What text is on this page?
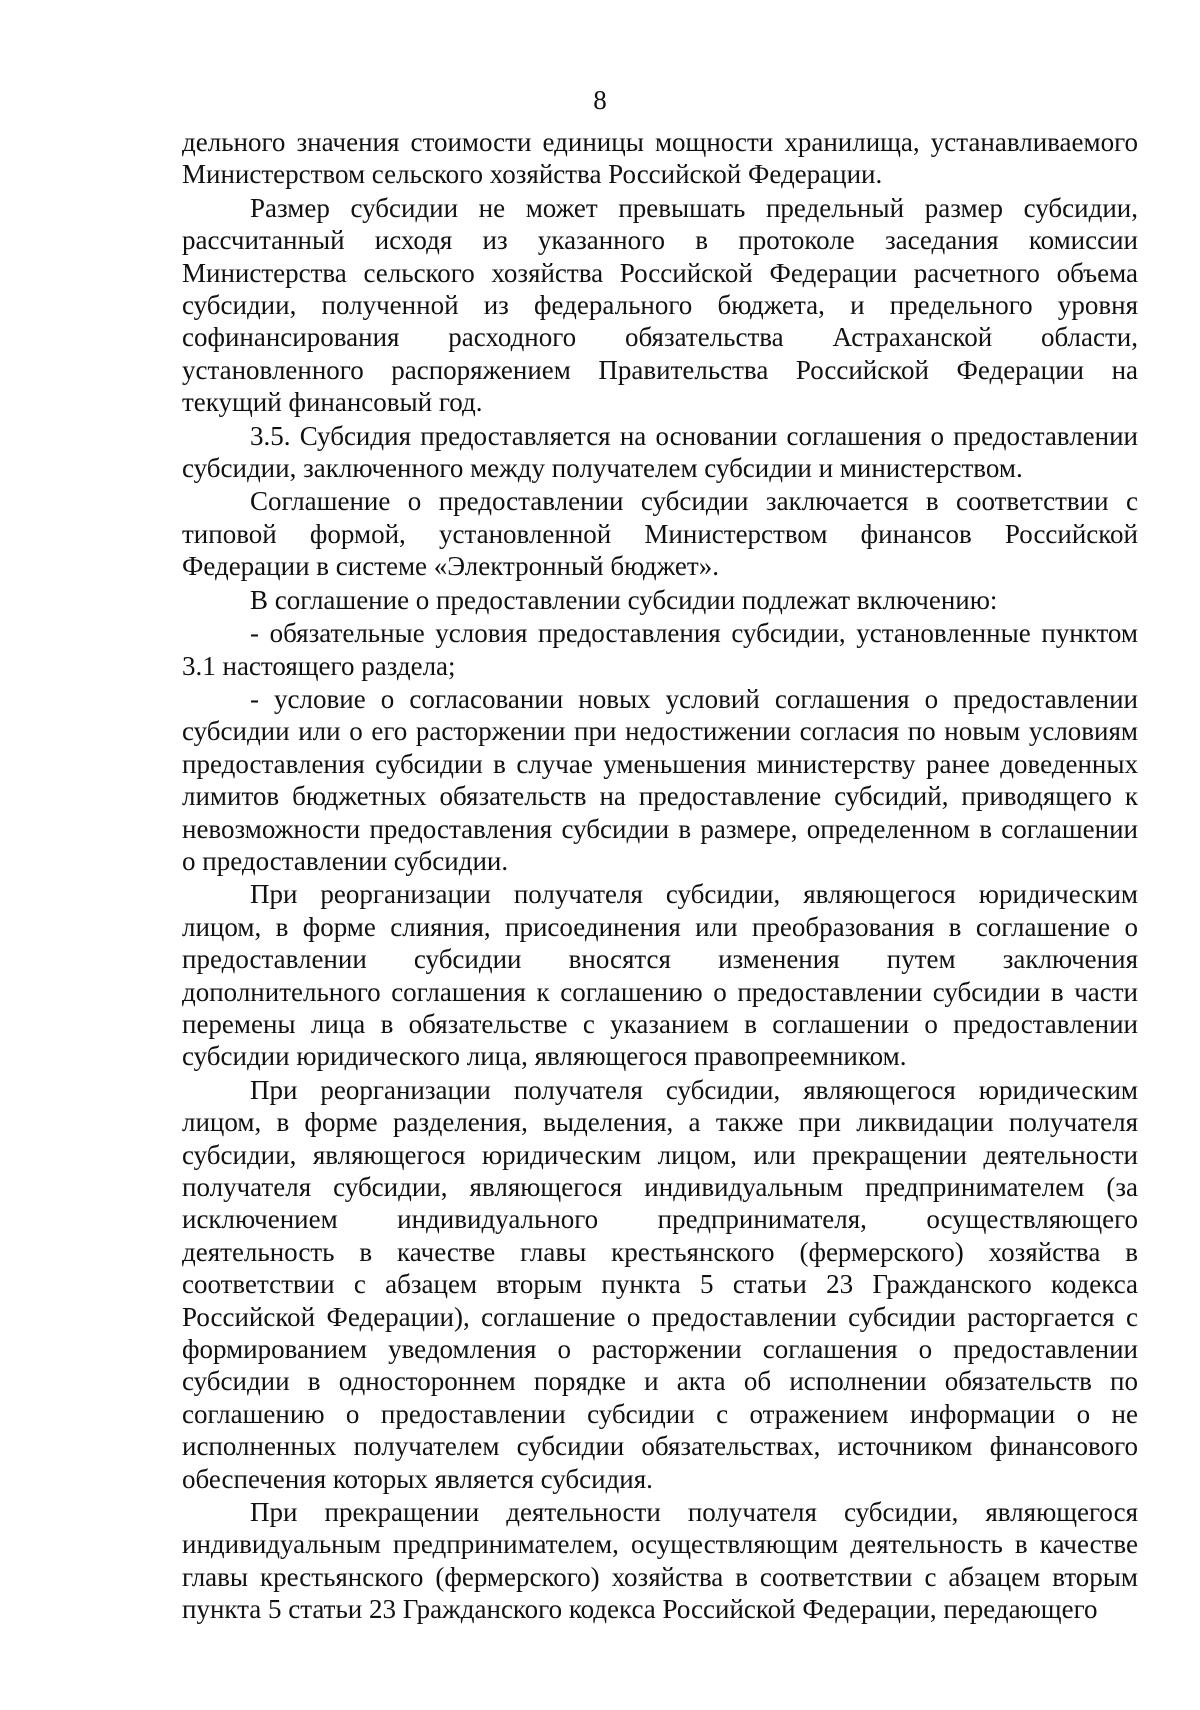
8

дельного значения стоимости единицы мощности хранилища, устанавливаемого Министерством сельского хозяйства Российской Федерации.

Размер субсидии не может превышать предельный размер субсидии, рассчитанный исходя из указанного в протоколе заседания комиссии Министерства сельского хозяйства Российской Федерации расчетного объема субсидии, полученной из федерального бюджета, и предельного уровня софинансирования расходного обязательства Астраханской области, установленного распоряжением Правительства Российской Федерации на текущий финансовый год.

3.5. Субсидия предоставляется на основании соглашения о предоставлении субсидии, заключенного между получателем субсидии и министерством.

Соглашение о предоставлении субсидии заключается в соответствии с типовой формой, установленной Министерством финансов Российской Федерации в системе «Электронный бюджет».

В соглашение о предоставлении субсидии подлежат включению:

- обязательные условия предоставления субсидии, установленные пунктом 3.1 настоящего раздела;

- условие о согласовании новых условий соглашения о предоставлении субсидии или о его расторжении при недостижении согласия по новым условиям предоставления субсидии в случае уменьшения министерству ранее доведенных лимитов бюджетных обязательств на предоставление субсидий, приводящего к невозможности предоставления субсидии в размере, определенном в соглашении о предоставлении субсидии.

При реорганизации получателя субсидии, являющегося юридическим лицом, в форме слияния, присоединения или преобразования в соглашение о предоставлении субсидии вносятся изменения путем заключения дополнительного соглашения к соглашению о предоставлении субсидии в части перемены лица в обязательстве с указанием в соглашении о предоставлении субсидии юридического лица, являющегося правопреемником.

При реорганизации получателя субсидии, являющегося юридическим лицом, в форме разделения, выделения, а также при ликвидации получателя субсидии, являющегося юридическим лицом, или прекращении деятельности получателя субсидии, являющегося индивидуальным предпринимателем (за исключением индивидуального предпринимателя, осуществляющего деятельность в качестве главы крестьянского (фермерского) хозяйства в соответствии с абзацем вторым пункта 5 статьи 23 Гражданского кодекса Российской Федерации), соглашение о предоставлении субсидии расторгается с формированием уведомления о расторжении соглашения о предоставлении субсидии в одностороннем порядке и акта об исполнении обязательств по соглашению о предоставлении субсидии с отражением информации о не исполненных получателем субсидии обязательствах, источником финансового обеспечения которых является субсидия.

При прекращении деятельности получателя субсидии, являющегося индивидуальным предпринимателем, осуществляющим деятельность в качестве главы крестьянского (фермерского) хозяйства в соответствии с абзацем вторым пункта 5 статьи 23 Гражданского кодекса Российской Федерации, передающего
